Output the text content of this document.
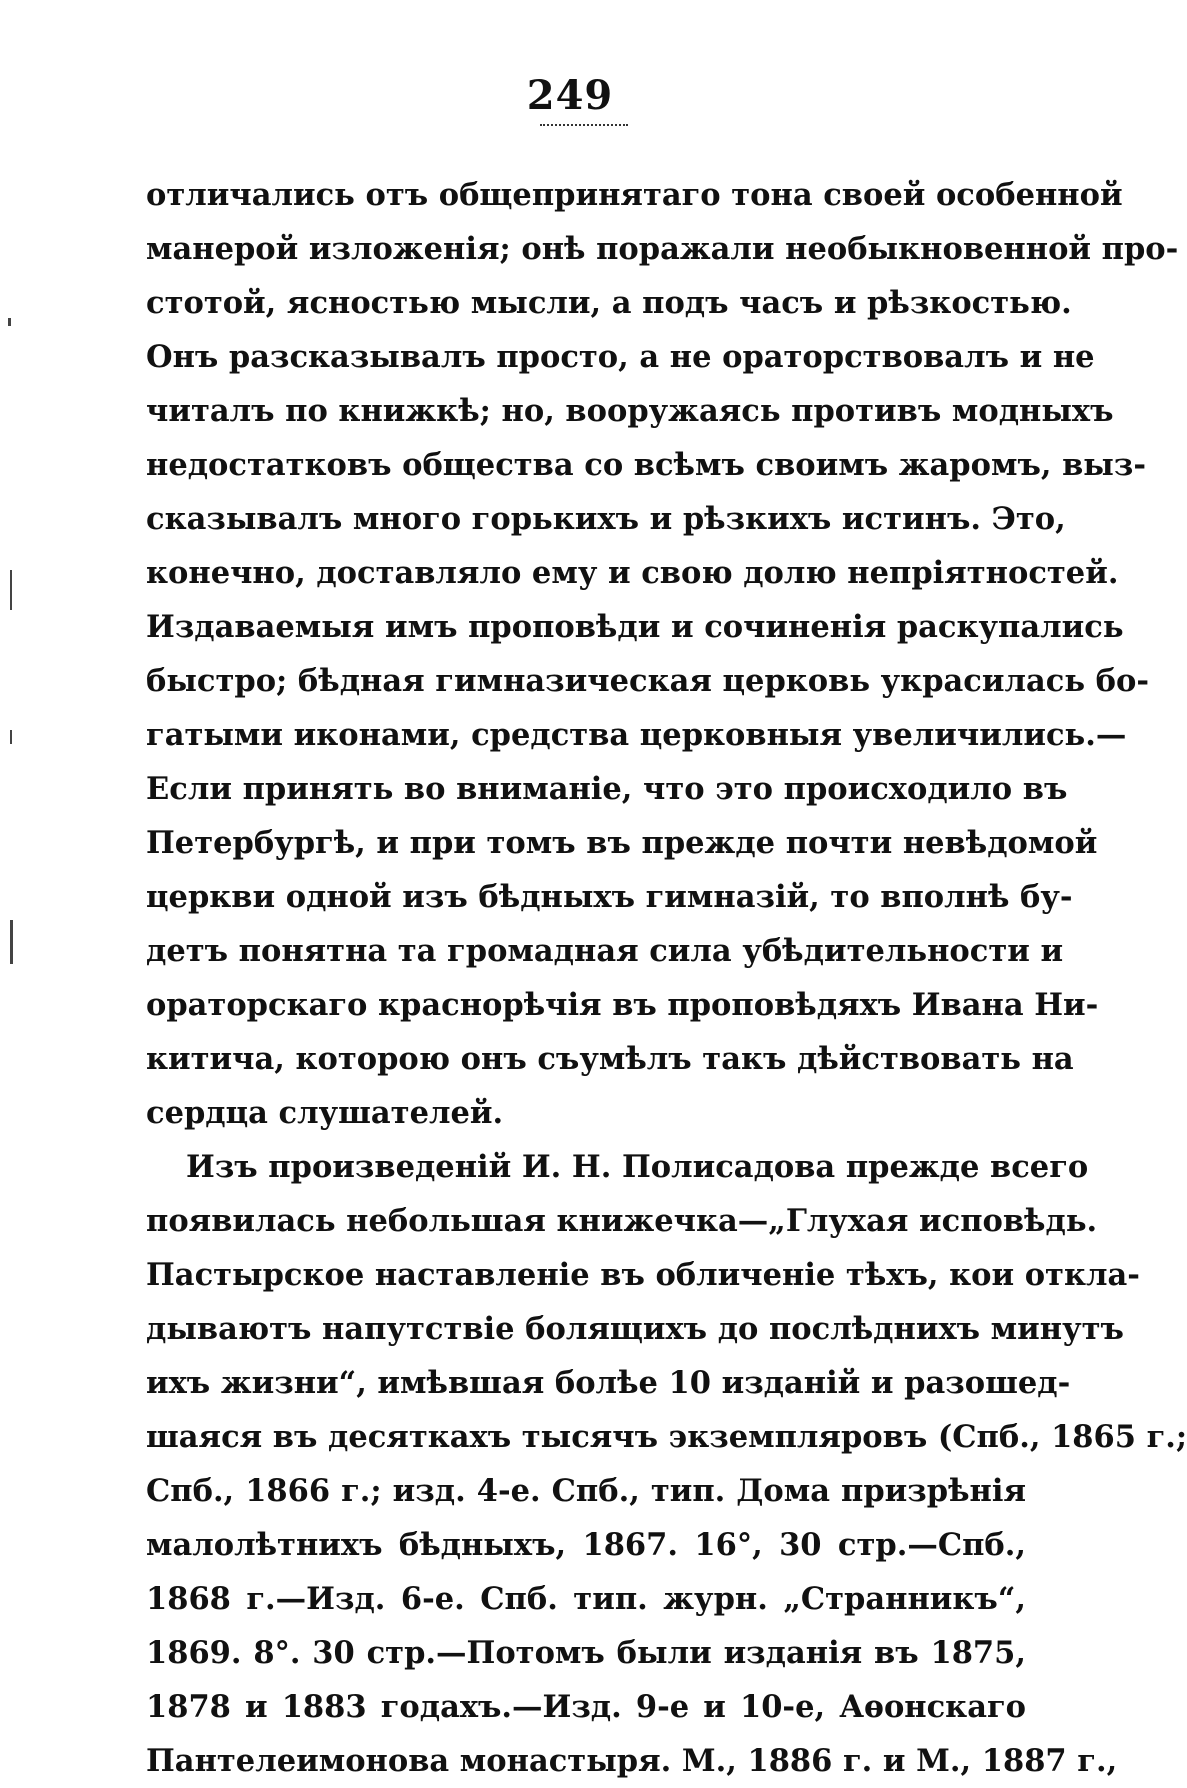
249
отличались отъ общепринятаго тона своей особенной
манерой изложенія; онѣ поражали необыкновенной про-
стотой, ясностью мысли, а подъ часъ и рѣзкостью.
Онъ разсказывалъ просто, а не ораторствовалъ и не
читалъ по книжкѣ; но, вооружаясь противъ модныхъ
недостатковъ общества со всѣмъ своимъ жаромъ, выз-
сказывалъ много горькихъ и рѣзкихъ истинъ. Это,
конечно, доставляло ему и свою долю непріятностей.
Издаваемыя имъ проповѣди и сочиненія раскупались
быстро; бѣдная гимназическая церковь украсилась бо-
гатыми иконами, средства церковныя увеличились.—
Если принять во вниманіе, что это происходило въ
Петербургѣ, и при томъ въ прежде почти невѣдомой
церкви одной изъ бѣдныхъ гимназій, то вполнѣ бу-
детъ понятна та громадная сила убѣдительности и
ораторскаго краснорѣчія въ проповѣдяхъ Ивана Ни-
китича, которою онъ съумѣлъ такъ дѣйствовать на
сердца слушателей.
Изъ произведеній И. Н. Полисадова прежде всего
появилась небольшая книжечка—„Глухая исповѣдь.
Пастырское наставленіе въ обличеніе тѣхъ, кои откла-
дываютъ напутствіе болящихъ до послѣднихъ минутъ
ихъ жизни“, имѣвшая болѣе 10 изданій и разошед-
шаяся въ десяткахъ тысячъ экземпляровъ (Спб., 1865 г.;
Спб., 1866 г.; изд. 4-е. Спб., тип. Дома призрѣнія
малолѣтнихъ бѣдныхъ, 1867. 16°, 30 стр.—Спб.,
1868 г.—Изд. 6-е. Спб. тип. журн. „Странникъ“,
1869. 8°. 30 стр.—Потомъ были изданія въ 1875,
1878 и 1883 годахъ.—Изд. 9-е и 10-е, Аѳонскаго
Пантелеимонова монастыря. М., 1886 г. и М., 1887 г.,
